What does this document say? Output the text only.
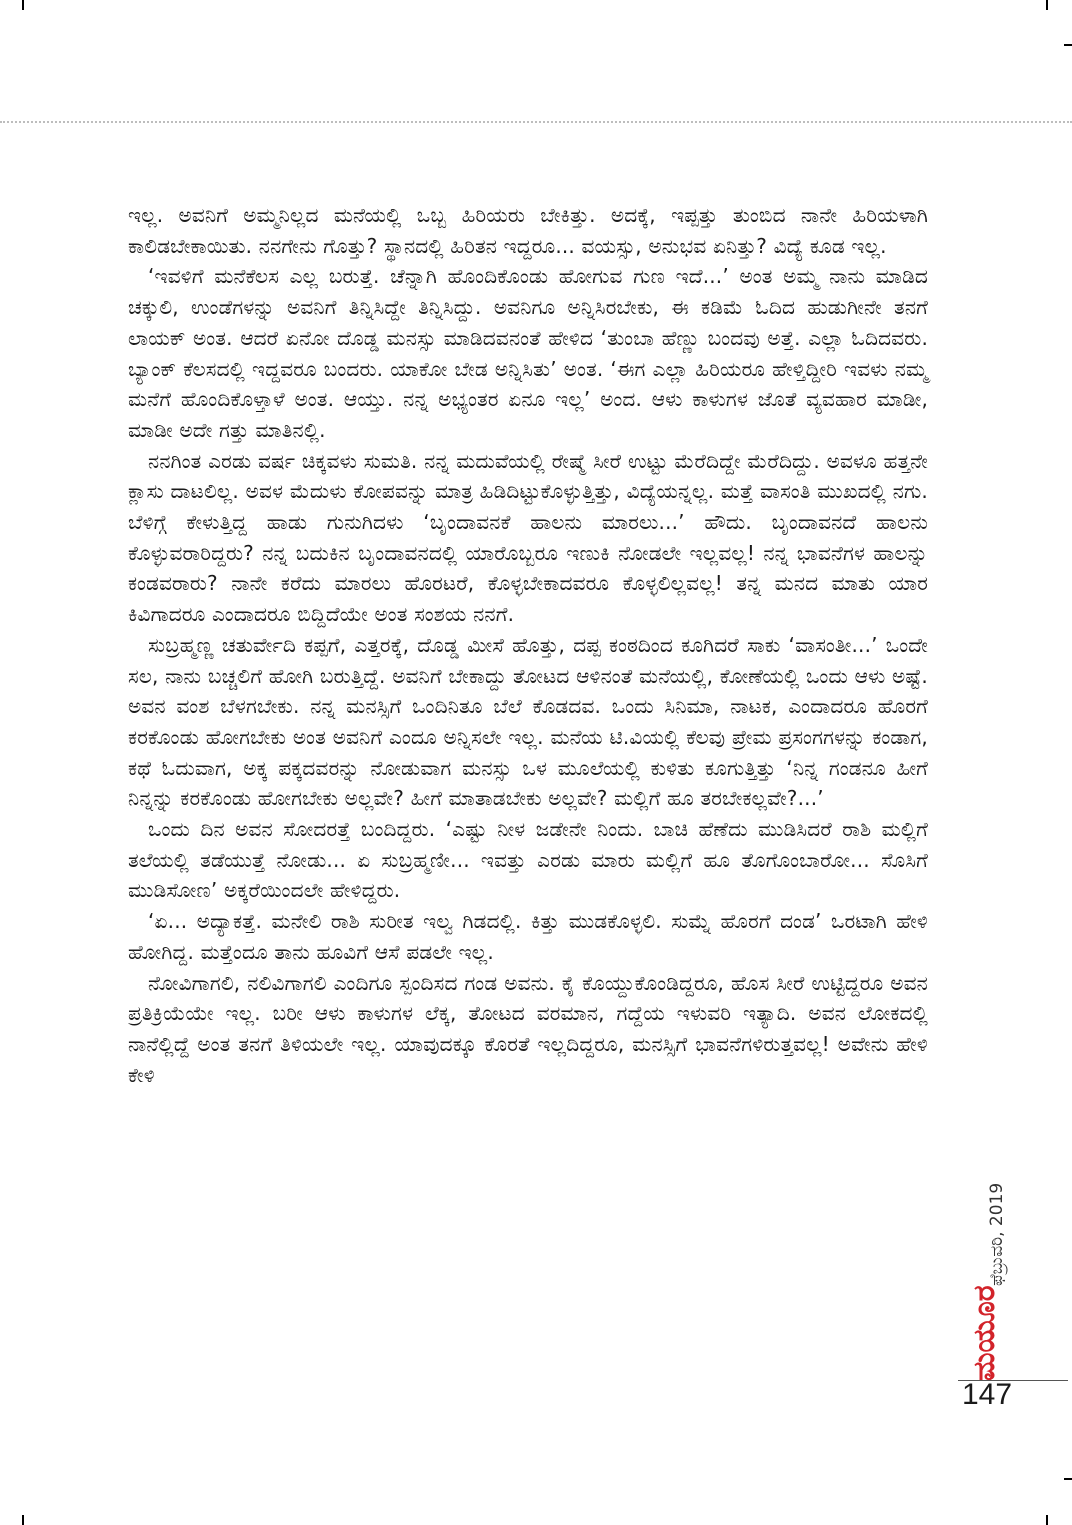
ಇಲ್ಲ. ಅವನಿಗೆ ಅಮ್ಮನಿಲ್ಲದ ಮನೆಯಲ್ಲಿ ಒಬ್ಬ ಹಿರಿಯರು ಬೇಕಿತ್ತು. ಅದಕ್ಕೆ, ಇಪ್ಪತ್ತು ತುಂಬಿದ ನಾನೇ ಹಿರಿಯಳಾಗಿ ಕಾಲಿಡಬೇಕಾಯಿತು. ನನಗೇನು ಗೊತ್ತು? ಸ್ಥಾನದಲ್ಲಿ ಹಿರಿತನ ಇದ್ದರೂ... ವಯಸ್ಸು, ಅನುಭವ ಏನಿತ್ತು? ವಿದ್ಯೆ ಕೂಡ ಇಲ್ಲ.

‘ಇವಳಿಗೆ ಮನೆಕೆಲಸ ಎಲ್ಲ ಬರುತ್ತೆ. ಚೆನ್ನಾಗಿ ಹೊಂದಿಕೊಂಡು ಹೋಗುವ ಗುಣ ಇದೆ...’ ಅಂತ ಅಮ್ಮ ನಾನು ಮಾಡಿದ ಚಕ್ಕುಲಿ, ಉಂಡೆಗಳನ್ನು ಅವನಿಗೆ ತಿನ್ನಿಸಿದ್ದೇ ತಿನ್ನಿಸಿದ್ದು. ಅವನಿಗೂ ಅನ್ನಿಸಿರಬೇಕು, ಈ ಕಡಿಮೆ ಓದಿದ ಹುಡುಗೀನೇ ತನಗೆ ಲಾಯಕ್ ಅಂತ. ಆದರೆ ಏನೋ ದೊಡ್ಡ ಮನಸ್ಸು ಮಾಡಿದವನಂತೆ ಹೇಳಿದ ‘ತುಂಬಾ ಹೆಣ್ಣು ಬಂದವು ಅತ್ತೆ. ಎಲ್ಲಾ ಓದಿದವರು. ಬ್ಯಾಂಕ್ ಕೆಲಸದಲ್ಲಿ ಇದ್ದವರೂ ಬಂದರು. ಯಾಕೋ ಬೇಡ ಅನ್ನಿಸಿತು’ ಅಂತ. ‘ಈಗ ಎಲ್ಲಾ ಹಿರಿಯರೂ ಹೇಳ್ತಿದ್ದೀರಿ ಇವಳು ನಮ್ಮ ಮನೆಗೆ ಹೊಂದಿಕೊಳ್ತಾಳೆ ಅಂತ. ಆಯ್ತು. ನನ್ನ ಅಭ್ಯಂತರ ಏನೂ ಇಲ್ಲ’ ಅಂದ. ಆಳು ಕಾಳುಗಳ ಜೊತೆ ವ್ಯವಹಾರ ಮಾಡೀ, ಮಾಡೀ ಅದೇ ಗತ್ತು ಮಾತಿನಲ್ಲಿ.

ನನಗಿಂತ ಎರಡು ವರ್ಷ ಚಿಕ್ಕವಳು ಸುಮತಿ. ನನ್ನ ಮದುವೆಯಲ್ಲಿ ರೇಷ್ಮೆ ಸೀರೆ ಉಟ್ಟು ಮೆರೆದಿದ್ದೇ ಮೆರೆದಿದ್ದು. ಅವಳೂ ಹತ್ತನೇ ಕ್ಲಾಸು ದಾಟಲಿಲ್ಲ. ಅವಳ ಮೆದುಳು ಕೋಪವನ್ನು ಮಾತ್ರ ಹಿಡಿದಿಟ್ಟುಕೊಳ್ಳುತ್ತಿತ್ತು, ವಿದ್ಯೆಯನ್ನಲ್ಲ. ಮತ್ತೆ ವಾಸಂತಿ ಮುಖದಲ್ಲಿ ನಗು. ಬೆಳಿಗ್ಗೆ ಕೇಳುತ್ತಿದ್ದ ಹಾಡು ಗುನುಗಿದಳು ‘ಬೃಂದಾವನಕೆ ಹಾಲನು ಮಾರಲು...’ ಹೌದು. ಬೃಂದಾವನದೆ ಹಾಲನು ಕೊಳ್ಳುವರಾರಿದ್ದರು? ನನ್ನ ಬದುಕಿನ ಬೃಂದಾವನದಲ್ಲಿ ಯಾರೊಬ್ಬರೂ ಇಣುಕಿ ನೋಡಲೇ ಇಲ್ಲವಲ್ಲ! ನನ್ನ ಭಾವನೆಗಳ ಹಾಲನ್ನು ಕಂಡವರಾರು? ನಾನೇ ಕರೆದು ಮಾರಲು ಹೊರಟರೆ, ಕೊಳ್ಳಬೇಕಾದವರೂ ಕೊಳ್ಳಲಿಲ್ಲವಲ್ಲ! ತನ್ನ ಮನದ ಮಾತು ಯಾರ ಕಿವಿಗಾದರೂ ಎಂದಾದರೂ ಬಿದ್ದಿದೆಯೇ ಅಂತ ಸಂಶಯ ನನಗೆ.

ಸುಬ್ರಹ್ಮಣ್ಣ ಚತುರ್ವೇದಿ ಕಪ್ಪಗೆ, ಎತ್ತರಕ್ಕೆ, ದೊಡ್ಡ ಮೀಸೆ ಹೊತ್ತು, ದಪ್ಪ ಕಂಠದಿಂದ ಕೂಗಿದರೆ ಸಾಕು ‘ವಾಸಂತೀ...’ ಒಂದೇ ಸಲ, ನಾನು ಬಚ್ಚಲಿಗೆ ಹೋಗಿ ಬರುತ್ತಿದ್ದೆ. ಅವನಿಗೆ ಬೇಕಾದ್ದು ತೋಟದ ಆಳಿನಂತೆ ಮನೆಯಲ್ಲಿ, ಕೋಣೆಯಲ್ಲಿ ಒಂದು ಆಳು ಅಷ್ಟೆ. ಅವನ ವಂಶ ಬೆಳಗಬೇಕು. ನನ್ನ ಮನಸ್ಸಿಗೆ ಒಂದಿನಿತೂ ಬೆಲೆ ಕೊಡದವ. ಒಂದು ಸಿನಿಮಾ, ನಾಟಕ, ಎಂದಾದರೂ ಹೊರಗೆ ಕರಕೊಂಡು ಹೋಗಬೇಕು ಅಂತ ಅವನಿಗೆ ಎಂದೂ ಅನ್ನಿಸಲೇ ಇಲ್ಲ. ಮನೆಯ ಟಿ.ವಿಯಲ್ಲಿ ಕೆಲವು ಪ್ರೇಮ ಪ್ರಸಂಗಗಳನ್ನು ಕಂಡಾಗ, ಕಥೆ ಓದುವಾಗ, ಅಕ್ಕ ಪಕ್ಕದವರನ್ನು ನೋಡುವಾಗ ಮನಸ್ಸು ಒಳ ಮೂಲೆಯಲ್ಲಿ ಕುಳಿತು ಕೂಗುತ್ತಿತ್ತು ‘ನಿನ್ನ ಗಂಡನೂ ಹೀಗೆ ನಿನ್ನನ್ನು ಕರಕೊಂಡು ಹೋಗಬೇಕು ಅಲ್ಲವೇ? ಹೀಗೆ ಮಾತಾಡಬೇಕು ಅಲ್ಲವೇ? ಮಲ್ಲಿಗೆ ಹೂ ತರಬೇಕಲ್ಲವೇ?...’

ಒಂದು ದಿನ ಅವನ ಸೋದರತ್ತೆ ಬಂದಿದ್ದರು. ‘ಎಷ್ಟು ನೀಳ ಜಡೇನೇ ನಿಂದು. ಬಾಚಿ ಹೆಣೆದು ಮುಡಿಸಿದರೆ ರಾಶಿ ಮಲ್ಲಿಗೆ ತಲೆಯಲ್ಲಿ ತಡೆಯುತ್ತೆ ನೋಡು... ಏ ಸುಬ್ರಹ್ಮಣೀ... ಇವತ್ತು ಎರಡು ಮಾರು ಮಲ್ಲಿಗೆ ಹೂ ತೊಗೊಂಬಾರೋ... ಸೊಸಿಗೆ ಮುಡಿಸೋಣ’ ಅಕ್ಕರೆಯಿಂದಲೇ ಹೇಳಿದ್ದರು.

‘ಏ... ಅದ್ಯಾಕತ್ತೆ. ಮನೇಲಿ ರಾಶಿ ಸುರೀತ ಇಲ್ವ ಗಿಡದಲ್ಲಿ. ಕಿತ್ತು ಮುಡಕೊಳ್ಳಲಿ. ಸುಮ್ನೆ ಹೊರಗೆ ದಂಡ’ ಒರಟಾಗಿ ಹೇಳಿ ಹೋಗಿದ್ದ. ಮತ್ತೆಂದೂ ತಾನು ಹೂವಿಗೆ ಆಸೆ ಪಡಲೇ ಇಲ್ಲ.

ನೋವಿಗಾಗಲಿ, ನಲಿವಿಗಾಗಲಿ ಎಂದಿಗೂ ಸ್ಪಂದಿಸದ ಗಂಡ ಅವನು. ಕೈ ಕೊಯ್ದುಕೊಂಡಿದ್ದರೂ, ಹೊಸ ಸೀರೆ ಉಟ್ಟಿದ್ದರೂ ಅವನ ಪ್ರತಿಕ್ರಿಯೆಯೇ ಇಲ್ಲ. ಬರೀ ಆಳು ಕಾಳುಗಳ ಲೆಕ್ಕ, ತೋಟದ ವರಮಾನ, ಗದ್ದೆಯ ಇಳುವರಿ ಇತ್ಯಾದಿ. ಅವನ ಲೋಕದಲ್ಲಿ ನಾನೆಲ್ಲಿದ್ದೆ ಅಂತ ತನಗೆ ತಿಳಿಯಲೇ ಇಲ್ಲ. ಯಾವುದಕ್ಕೂ ಕೊರತೆ ಇಲ್ಲದಿದ್ದರೂ, ಮನಸ್ಸಿಗೆ ಭಾವನೆಗಳಿರುತ್ತವಲ್ಲ! ಅವೇನು ಹೇಳಿ ಕೇಳಿ

ಫೆಬ್ರುವರಿ, 2019
ಮಯೂರ
147
